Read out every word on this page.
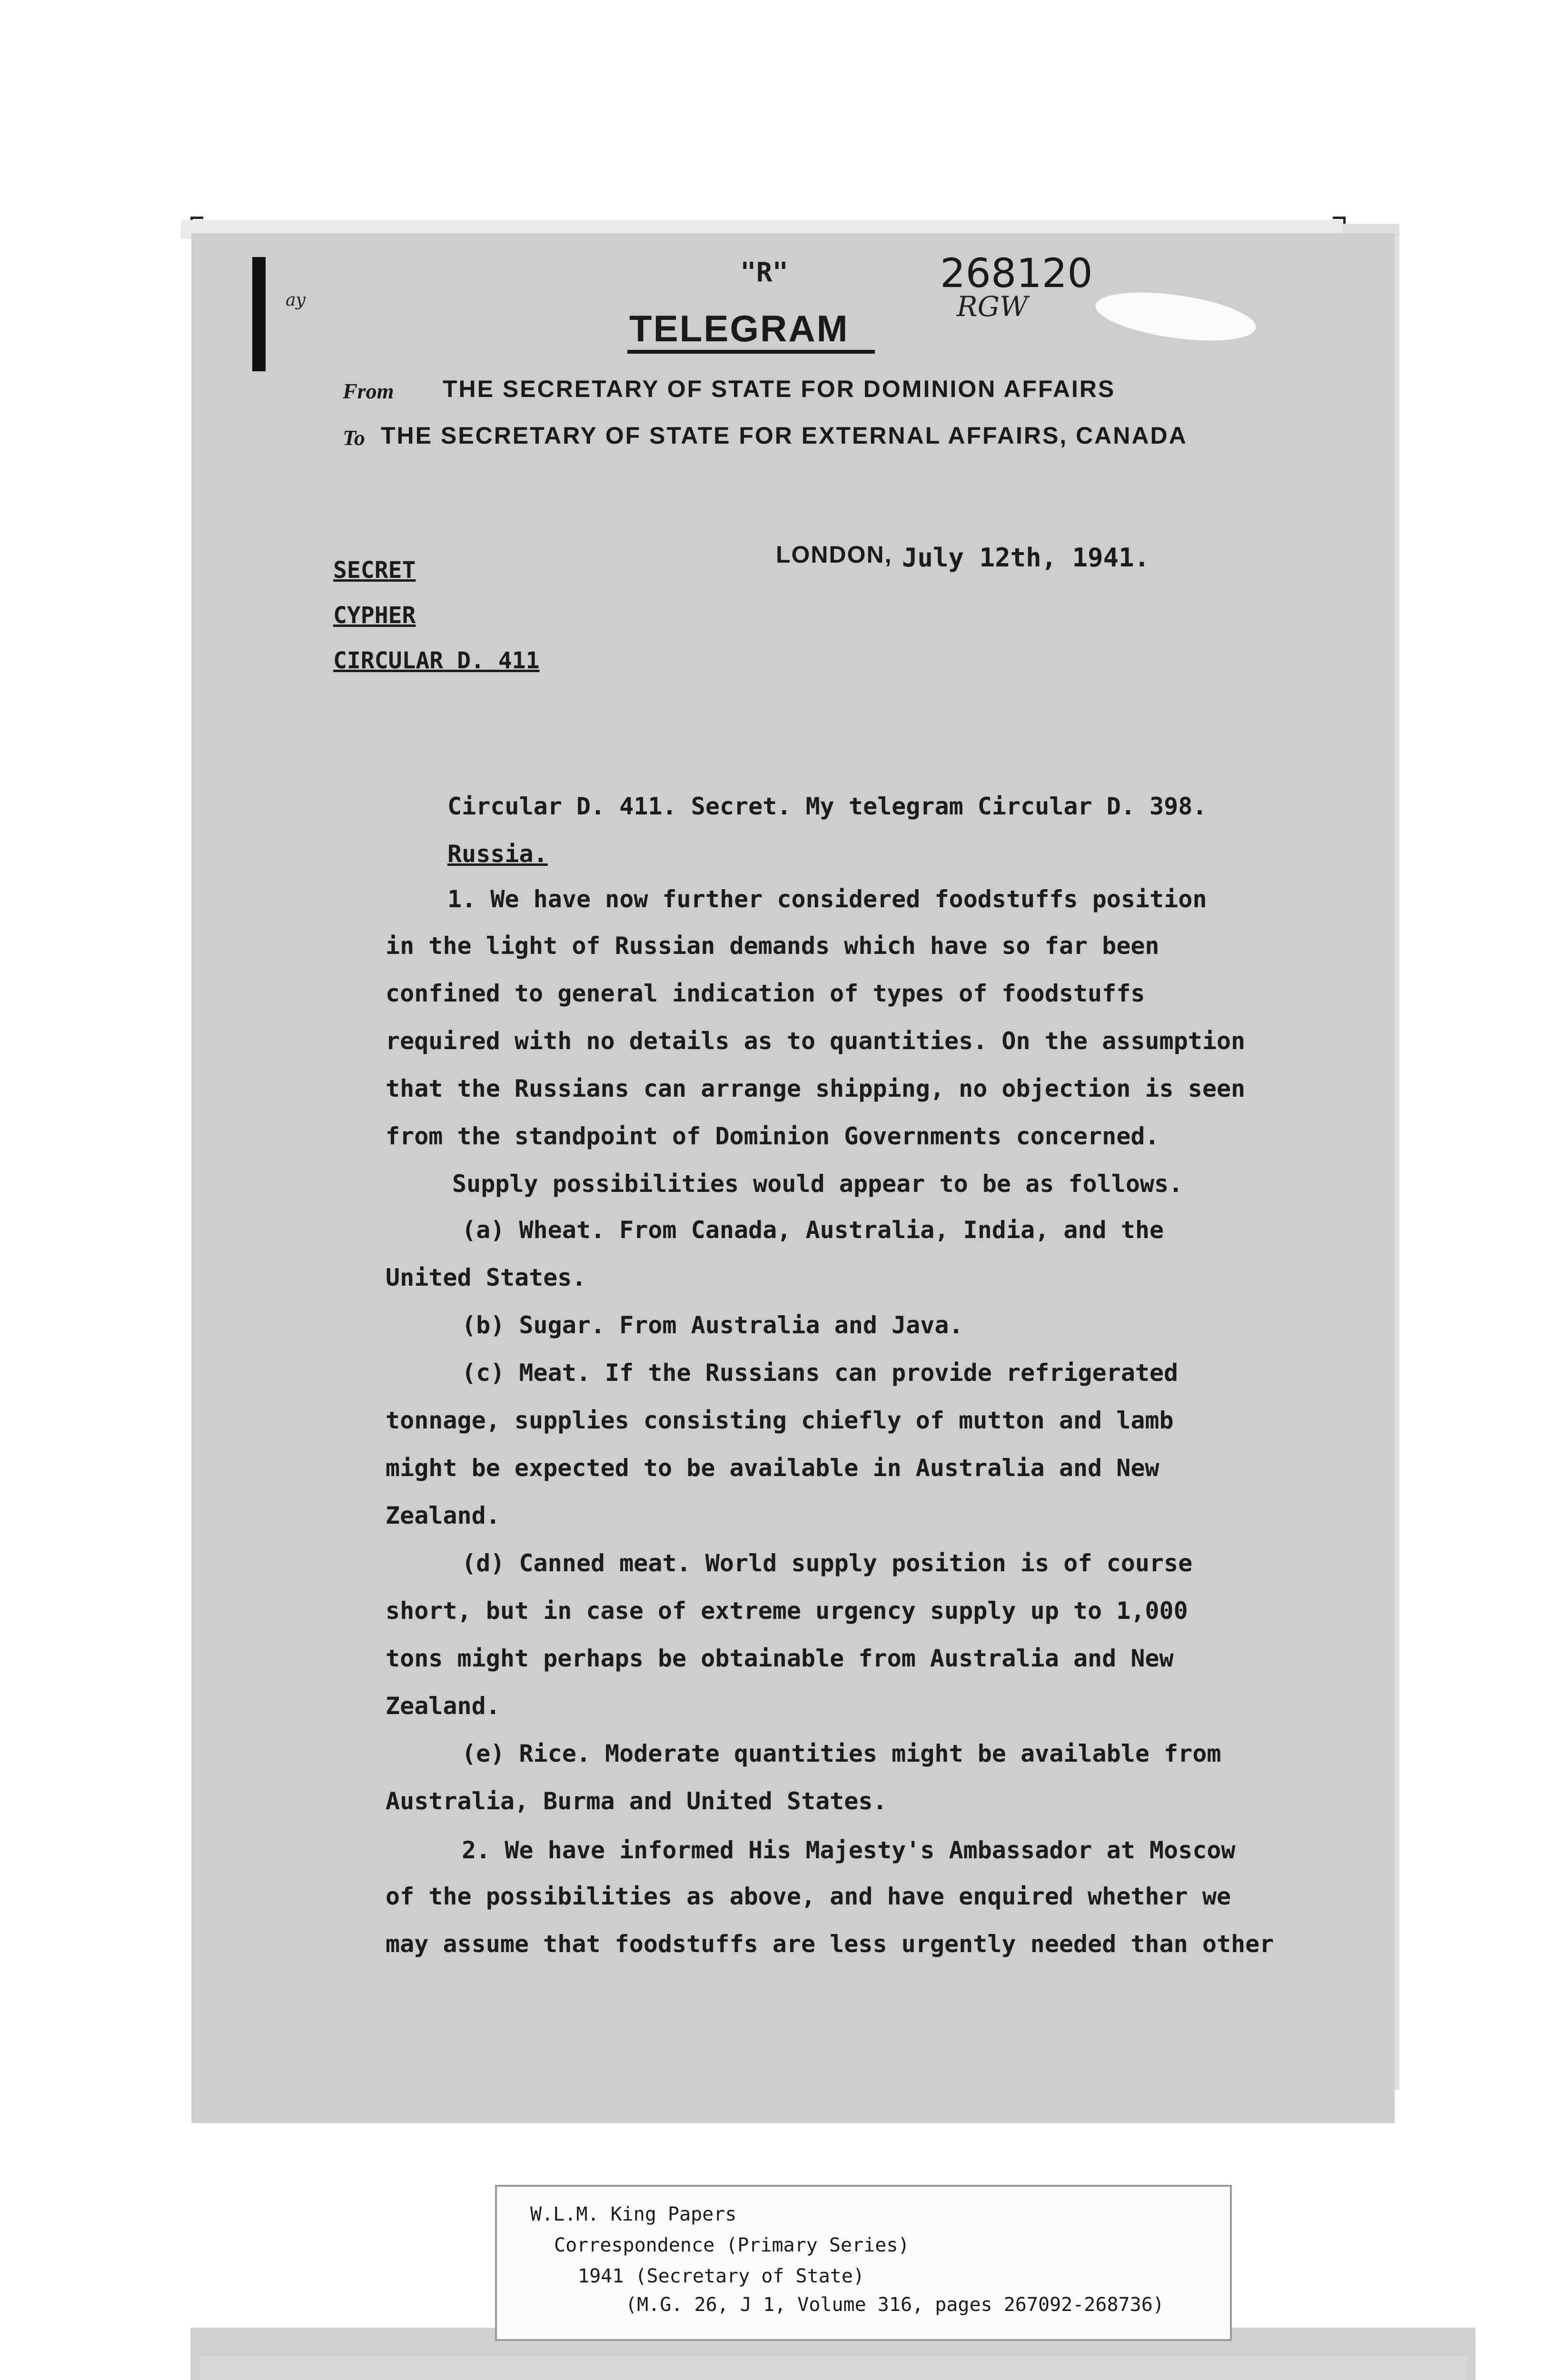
ay
"R"	268120
RGW
TELEGRAM
From THE SECRETARY OF STATE FOR DOMINION AFFAIRS
To THE SECRETARY OF STATE FOR EXTERNAL AFFAIRS, CANADA
LONDON, July 12th, 1941.
SECRET
CYPHER
CIRCULAR D. 411
Circular D. 411. Secret. My telegram Circular D. 398.
Russia.
1. We have now further considered foodstuffs position
in the light of Russian demands which have so far been
confined to general indication of types of foodstuffs
required with no details as to quantities. On the assumption
that the Russians can arrange shipping, no objection is seen
from the standpoint of Dominion Governments concerned.
Supply possibilities would appear to be as follows.
(a) Wheat. From Canada, Australia, India, and the
United States.
(b) Sugar. From Australia and Java.
(c) Meat. If the Russians can provide refrigerated
tonnage, supplies consisting chiefly of mutton and lamb
might be expected to be available in Australia and New
Zealand.
(d) Canned meat. World supply position is of course
short, but in case of extreme urgency supply up to 1,000
tons might perhaps be obtainable from Australia and New
Zealand.
(e) Rice. Moderate quantities might be available from
Australia, Burma and United States.
2. We have informed His Majesty's Ambassador at Moscow
of the possibilities as above, and have enquired whether we
may assume that foodstuffs are less urgently needed than other
W.L.M. King Papers
Correspondence (Primary Series)
1941 (Secretary of State)
(M.G. 26, J 1, Volume 316, pages 267092-268736)
